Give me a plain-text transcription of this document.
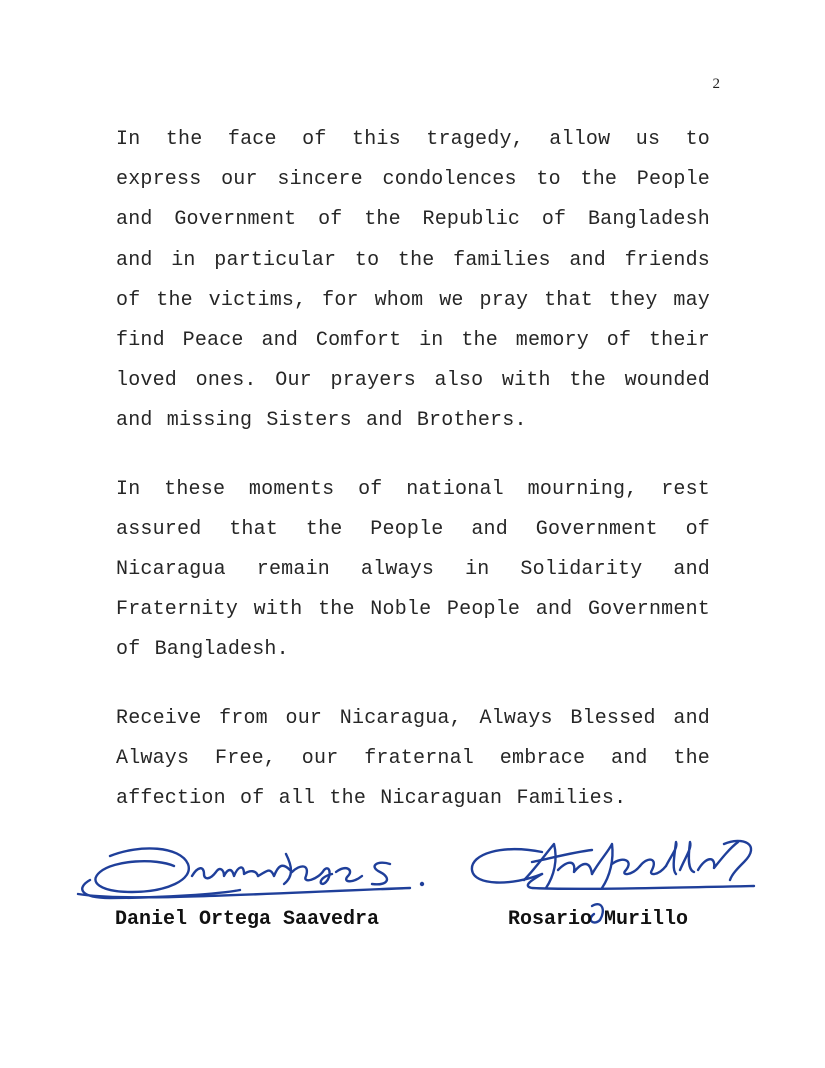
2

In the face of this tragedy, allow us to express our sincere condolences to the People and Government of the Republic of Bangladesh and in particular to the families and friends of the victims, for whom we pray that they may find Peace and Comfort in the memory of their loved ones. Our prayers also with the wounded and missing Sisters and Brothers.

In these moments of national mourning, rest assured that the People and Government of Nicaragua remain always in Solidarity and Fraternity with the Noble People and Government of Bangladesh.

Receive from our Nicaragua, Always Blessed and Always Free, our fraternal embrace and the affection of all the Nicaraguan Families.

Daniel Ortega Saavedra	Rosario Murillo
